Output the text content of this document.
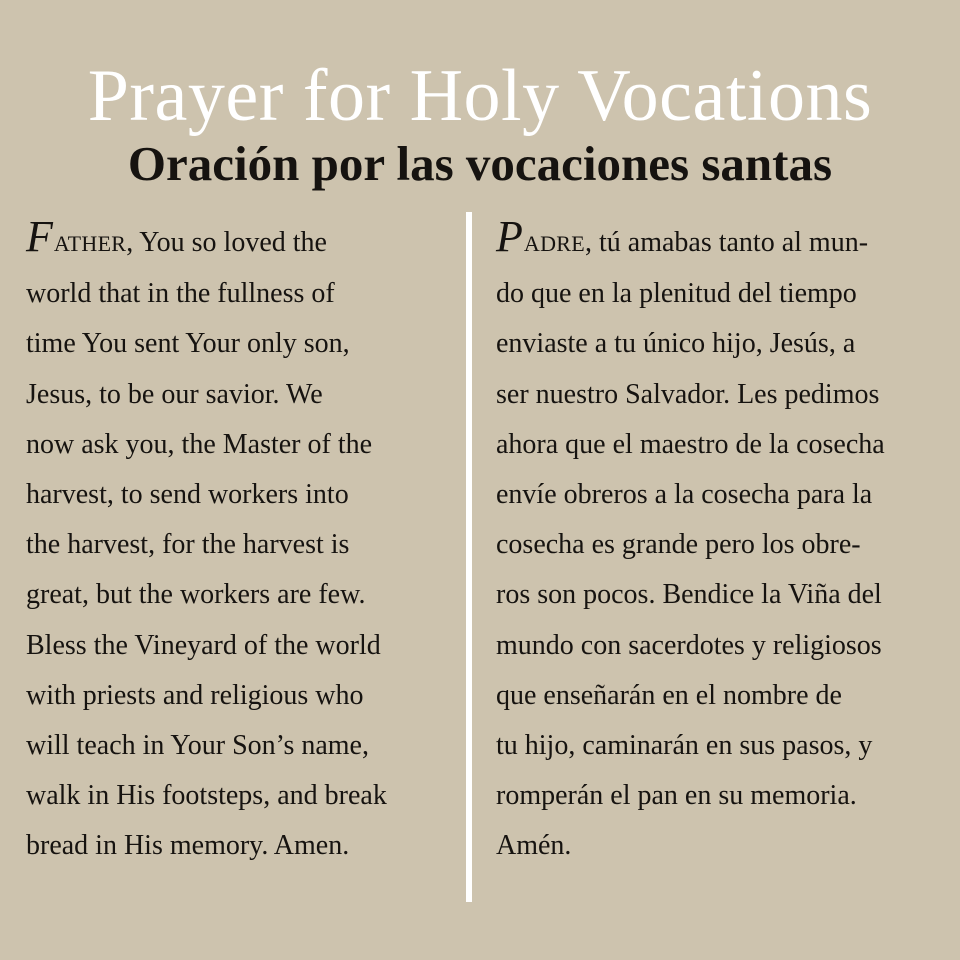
Prayer for Holy Vocations
Oración por las vocaciones santas
FATHER, You so loved the
world that in the fullness of
time You sent Your only son,
Jesus, to be our savior. We
now ask you, the Master of the
harvest, to send workers into
the harvest, for the harvest is
great, but the workers are few.
Bless the Vineyard of the world
with priests and religious who
will teach in Your Son’s name,
walk in His footsteps, and break
bread in His memory. Amen.
PADRE, tú amabas tanto al mun-
do que en la plenitud del tiempo
enviaste a tu único hijo, Jesús, a
ser nuestro Salvador. Les pedimos
ahora que el maestro de la cosecha
envíe obreros a la cosecha para la
cosecha es grande pero los obre-
ros son pocos. Bendice la Viña del
mundo con sacerdotes y religiosos
que enseñarán en el nombre de
tu hijo, caminarán en sus pasos, y
romperán el pan en su memoria.
Amén.
